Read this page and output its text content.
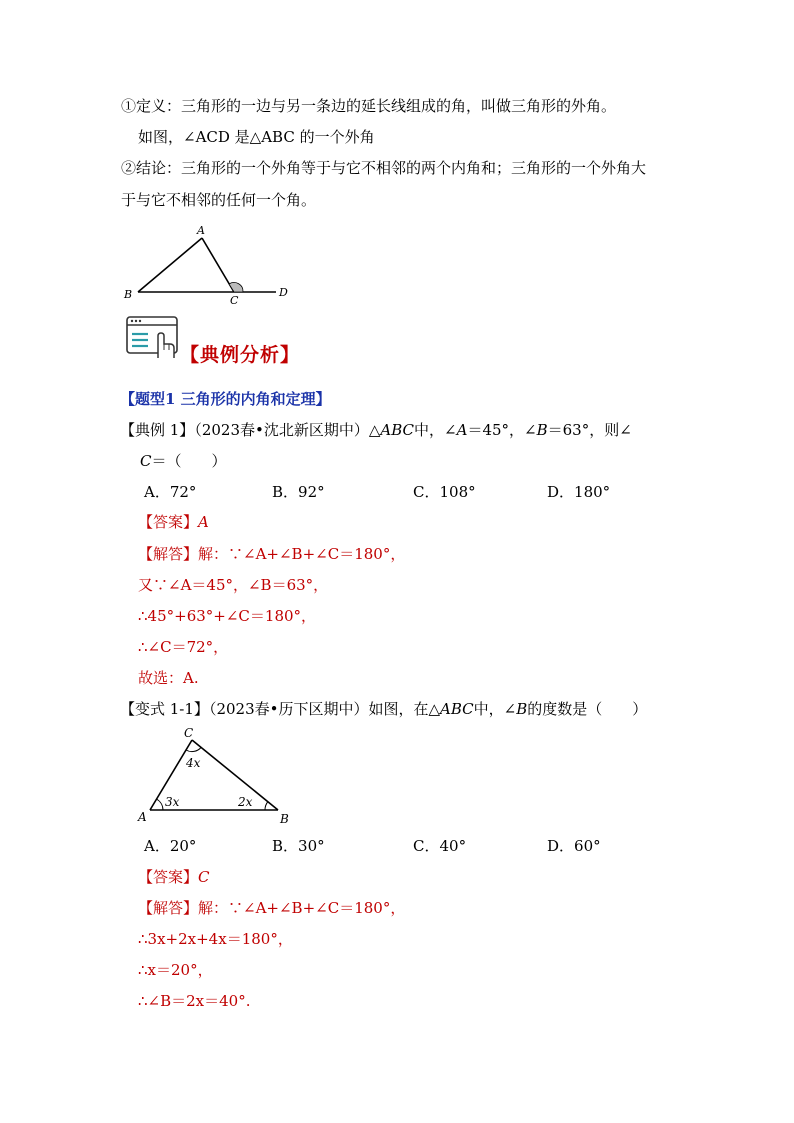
①定义：三角形的一边与另一条边的延长线组成的角，叫做三角形的外角。
如图，∠ACD 是△ABC 的一个外角
②结论：三角形的一个外角等于与它不相邻的两个内角和；三角形的一个外角大
于与它不相邻的任何一个角。
A
B	C
D
【典例分析】
【题型1 三角形的内角和定理】
【典例 1】（2023春•沈北新区期中）△ABC中，∠A＝45°，∠B＝63°，则∠
C＝（　　）
A．72°	B．92°	C．108°	D．180°
【答案】A
【解答】解：∵∠A+∠B+∠C＝180°，
又∵∠A＝45°，∠B＝63°，
∴45°+63°+∠C＝180°，
∴∠C＝72°，
故选：A.
【变式 1-1】（2023春•历下区期中）如图，在△ABC中，∠B的度数是（　　）
C
4x
A
3x	2x
B
A．20°	B．30°	C．40°	D．60°
【答案】C
【解答】解：∵∠A+∠B+∠C＝180°，
∴3x+2x+4x＝180°，
∴x＝20°，
∴∠B＝2x＝40°.
